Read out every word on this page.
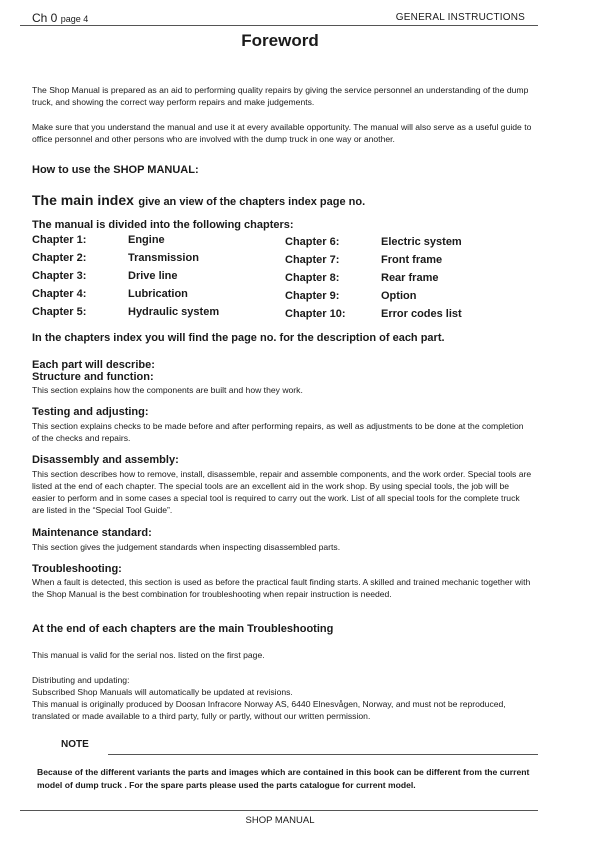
Ch 0 page 4	GENERAL INSTRUCTIONS
Foreword
The Shop Manual is prepared as an aid to performing quality repairs by giving the service personnel an understanding of the dump truck, and showing the correct way perform repairs and make judgements.
Make sure that you understand the manual and use it at every available opportunity. The manual will also serve as a useful guide to office personnel and other persons who are involved with the dump truck in one way or another.
How to use the SHOP MANUAL:
The main index give an view of the chapters index page no.
The manual is divided into the following chapters:
Chapter 1:	Engine
Chapter 2:	Transmission
Chapter 3:	Drive line
Chapter 4:	Lubrication
Chapter 5:	Hydraulic system
Chapter 6:	Electric system
Chapter 7:	Front frame
Chapter 8:	Rear frame
Chapter 9:	Option
Chapter 10:	Error codes list
In the chapters index you will find the page no. for the description of each part.
Each part will describe:
Structure and function:
This section explains how the components are built and how they work.
Testing and adjusting:
This section explains checks to be made before and after performing repairs, as well as adjustments to be done at the completion of the checks and repairs.
Disassembly and assembly:
This section describes how to remove, install, disassemble, repair and assemble components, and the work order. Special tools are listed at the end of each chapter. The special tools are an excellent aid in the work shop. By using special tools, the job will be easier to perform and in some cases a special tool is required to carry out the work. List of all special tools for the complete truck are listed in the “Special Tool Guide”.
Maintenance standard:
This section gives the judgement standards when inspecting disassembled parts.
Troubleshooting:
When a fault is detected, this section is used as before the practical fault finding starts. A skilled and trained mechanic together with the Shop Manual is the best combination for troubleshooting when repair instruction is needed.
At the end of each chapters are the main Troubleshooting
This manual is valid for the serial nos. listed on the first page.
Distributing and updating:
Subscribed Shop Manuals will automatically be updated at revisions.
This manual is originally produced by Doosan Infracore Norway AS, 6440 Elnesvågen, Norway, and must not be reproduced, translated or made available to a third party, fully or partly, without our written permission.
NOTE
Because of the different variants the parts and images which are contained in this book can be different from the current model of dump truck . For the spare parts please used the parts catalogue for current model.
SHOP MANUAL
